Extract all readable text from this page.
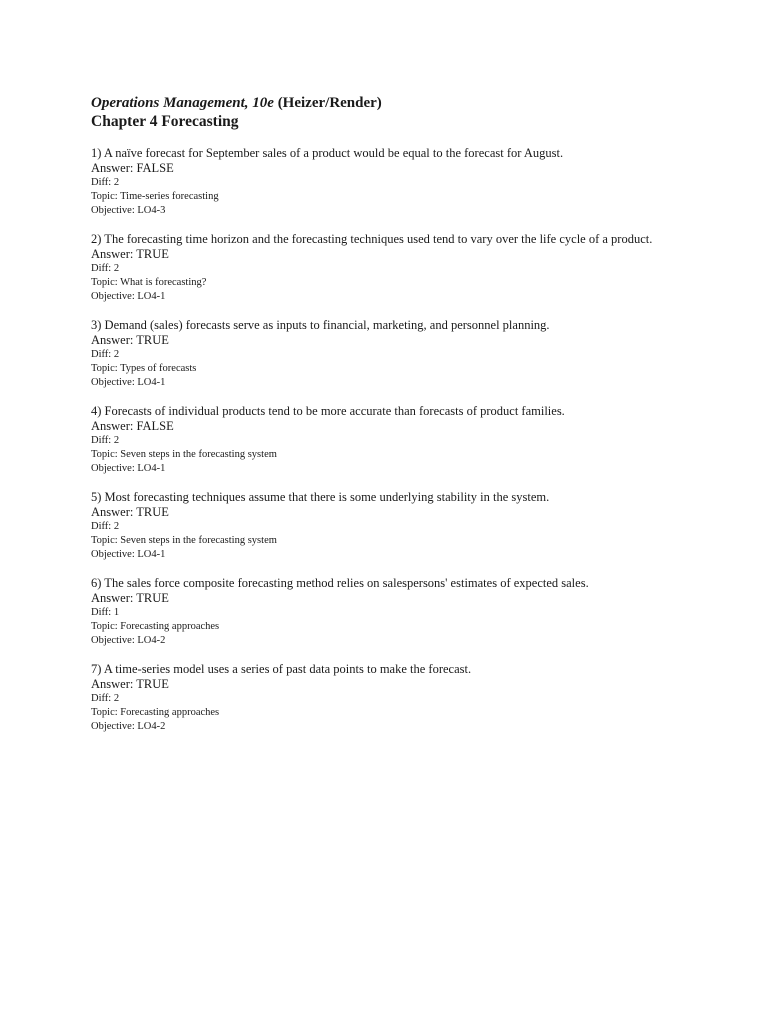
Operations Management, 10e (Heizer/Render)

Chapter 4 Forecasting

1) A naïve forecast for September sales of a product would be equal to the forecast for August.

Answer: FALSE

Diff: 2

Topic: Time-series forecasting

Objective: LO4-3

2) The forecasting time horizon and the forecasting techniques used tend to vary over the life cycle of a product.

Answer: TRUE

Diff: 2

Topic: What is forecasting?

Objective: LO4-1

3) Demand (sales) forecasts serve as inputs to financial, marketing, and personnel planning.

Answer: TRUE

Diff: 2

Topic: Types of forecasts

Objective: LO4-1

4) Forecasts of individual products tend to be more accurate than forecasts of product families.

Answer: FALSE

Diff: 2

Topic: Seven steps in the forecasting system

Objective: LO4-1

5) Most forecasting techniques assume that there is some underlying stability in the system.

Answer: TRUE

Diff: 2

Topic: Seven steps in the forecasting system

Objective: LO4-1

6) The sales force composite forecasting method relies on salespersons' estimates of expected sales.

Answer: TRUE

Diff: 1

Topic: Forecasting approaches

Objective: LO4-2

7) A time-series model uses a series of past data points to make the forecast.

Answer: TRUE

Diff: 2

Topic: Forecasting approaches

Objective: LO4-2
